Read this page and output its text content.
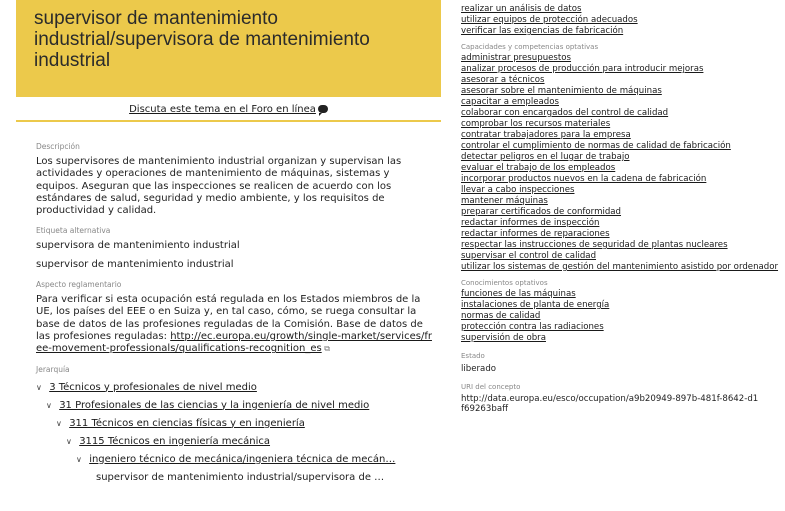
supervisor de mantenimiento industrial/supervisora de mantenimiento industrial
Discuta este tema en el Foro en línea
Descripción
Los supervisores de mantenimiento industrial organizan y supervisan las actividades y operaciones de mantenimiento de máquinas, sistemas y equipos. Aseguran que las inspecciones se realicen de acuerdo con los estándares de salud, seguridad y medio ambiente, y los requisitos de productividad y calidad.
Etiqueta alternativa
supervisora de mantenimiento industrial
supervisor de mantenimiento industrial
Aspecto reglamentario
Para verificar si esta ocupación está regulada en los Estados miembros de la UE, los países del EEE o en Suiza y, en tal caso, cómo, se ruega consultar la base de datos de las profesiones reguladas de la Comisión. Base de datos de las profesiones reguladas: http://ec.europa.eu/growth/single-market/services/free-movement-professionals/qualifications-recognition_es ⧉
Jerarquía
∨ 3 Técnicos y profesionales de nivel medio
∨ 31 Profesionales de las ciencias y la ingeniería de nivel medio
∨ 311 Técnicos en ciencias físicas y en ingeniería
∨ 3115 Técnicos en ingeniería mecánica
∨ ingeniero técnico de mecánica/ingeniera técnica de mecán…
supervisor de mantenimiento industrial/supervisora de …
realizar un análisis de datos
utilizar equipos de protección adecuados
verificar las exigencias de fabricación
Capacidades y competencias optativas
administrar presupuestos
analizar procesos de producción para introducir mejoras
asesorar a técnicos
asesorar sobre el mantenimiento de máquinas
capacitar a empleados
colaborar con encargados del control de calidad
comprobar los recursos materiales
contratar trabajadores para la empresa
controlar el cumplimiento de normas de calidad de fabricación
detectar peligros en el lugar de trabajo
evaluar el trabajo de los empleados
incorporar productos nuevos en la cadena de fabricación
llevar a cabo inspecciones
mantener máquinas
preparar certificados de conformidad
redactar informes de inspección
redactar informes de reparaciones
respectar las instrucciones de seguridad de plantas nucleares
supervisar el control de calidad
utilizar los sistemas de gestión del mantenimiento asistido por ordenador
Conocimientos optativos
funciones de las máquinas
instalaciones de planta de energía
normas de calidad
protección contra las radiaciones
supervisión de obra
Estado
liberado
URI del concepto
http://data.europa.eu/esco/occupation/a9b20949-897b-481f-8642-d1f69263baff
